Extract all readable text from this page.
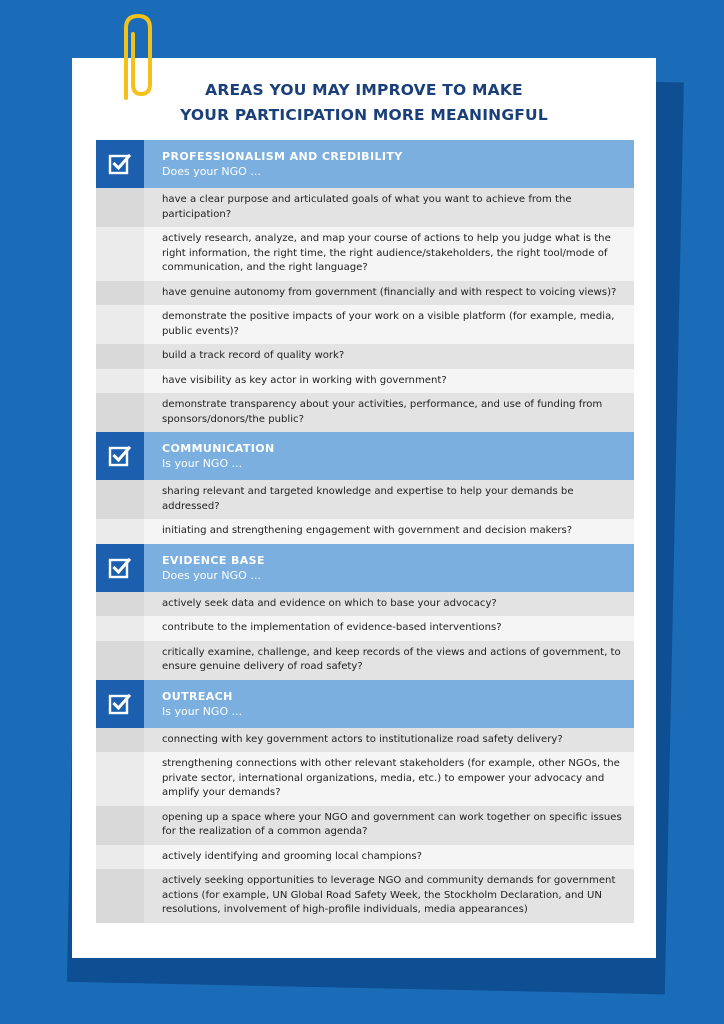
AREAS YOU MAY IMPROVE TO MAKE
YOUR PARTICIPATION MORE MEANINGFUL
PROFESSIONALISM AND CREDIBILITY
Does your NGO ...
have a clear purpose and articulated goals of what you want to achieve from the participation?
actively research, analyze, and map your course of actions to help you judge what is the right information, the right time, the right audience/stakeholders, the right tool/mode of communication, and the right language?
have genuine autonomy from government (financially and with respect to voicing views)?
demonstrate the positive impacts of your work on a visible platform (for example, media, public events)?
build a track record of quality work?
have visibility as key actor in working with government?
demonstrate transparency about your activities, performance, and use of funding from sponsors/donors/the public?
COMMUNICATION
Is your NGO ...
sharing relevant and targeted knowledge and expertise to help your demands be addressed?
initiating and strengthening engagement with government and decision makers?
EVIDENCE BASE
Does your NGO ...
actively seek data and evidence on which to base your advocacy?
contribute to the implementation of evidence-based interventions?
critically examine, challenge, and keep records of the views and actions of government, to ensure genuine delivery of road safety?
OUTREACH
Is your NGO ...
connecting with key government actors to institutionalize road safety delivery?
strengthening connections with other relevant stakeholders (for example, other NGOs, the private sector, international organizations, media, etc.) to empower your advocacy and amplify your demands?
opening up a space where your NGO and government can work together on specific issues for the realization of a common agenda?
actively identifying and grooming local champions?
actively seeking opportunities to leverage NGO and community demands for government actions (for example, UN Global Road Safety Week, the Stockholm Declaration, and UN resolutions, involvement of high-profile individuals, media appearances)
